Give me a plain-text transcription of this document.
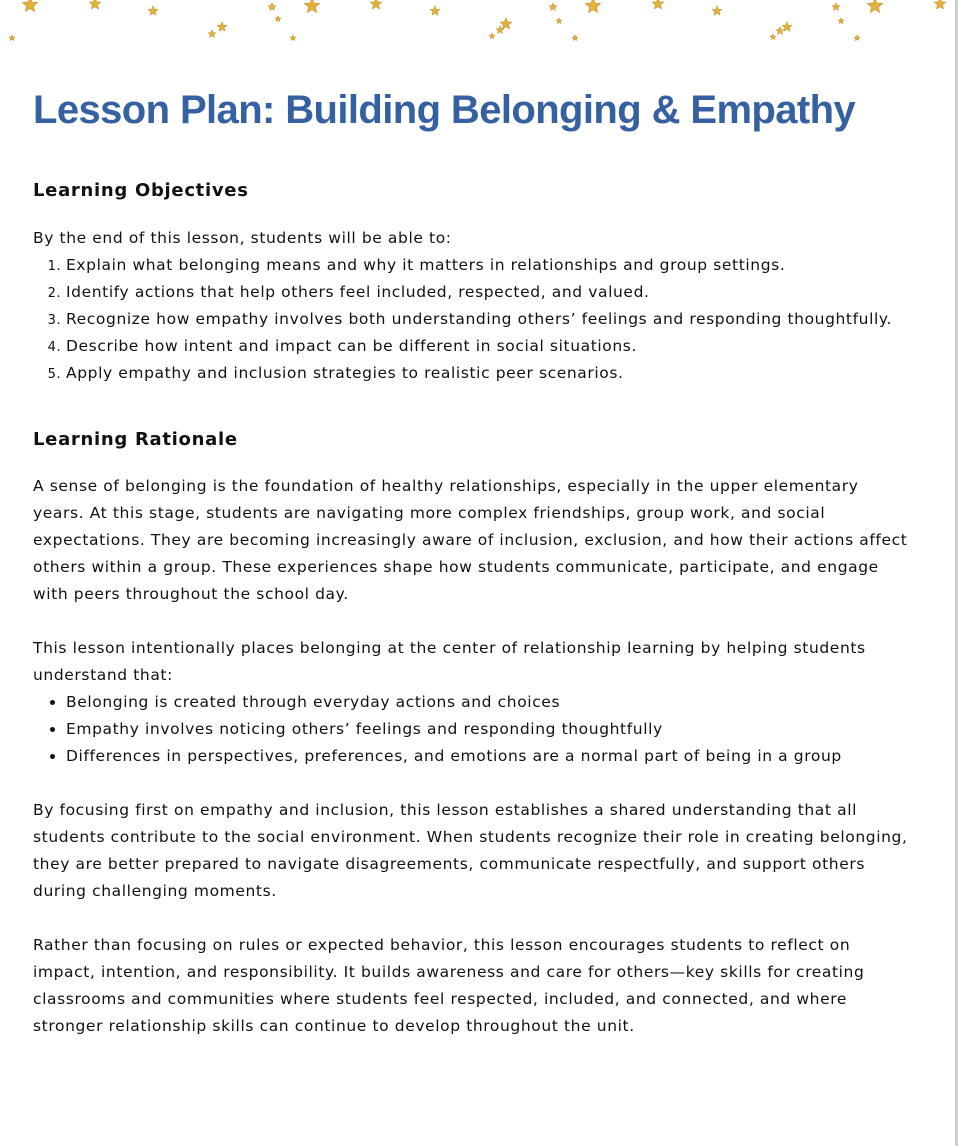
Lesson Plan: Building Belonging & Empathy
Learning Objectives

By the end of this lesson, students will be able to:

1. Explain what belonging means and why it matters in relationships and group settings.
2. Identify actions that help others feel included, respected, and valued.
3. Recognize how empathy involves both understanding others’ feelings and responding thoughtfully.
4. Describe how intent and impact can be different in social situations.
5. Apply empathy and inclusion strategies to realistic peer scenarios.
Learning Rationale

A sense of belonging is the foundation of healthy relationships, especially in the upper elementary years. At this stage, students are navigating more complex friendships, group work, and social expectations. They are becoming increasingly aware of inclusion, exclusion, and how their actions affect others within a group. These experiences shape how students communicate, participate, and engage with peers throughout the school day.

This lesson intentionally places belonging at the center of relationship learning by helping students understand that:

• Belonging is created through everyday actions and choices
• Empathy involves noticing others’ feelings and responding thoughtfully
• Differences in perspectives, preferences, and emotions are a normal part of being in a group

By focusing first on empathy and inclusion, this lesson establishes a shared understanding that all students contribute to the social environment. When students recognize their role in creating belonging, they are better prepared to navigate disagreements, communicate respectfully, and support others during challenging moments.

Rather than focusing on rules or expected behavior, this lesson encourages students to reflect on impact, intention, and responsibility. It builds awareness and care for others—key skills for creating classrooms and communities where students feel respected, included, and connected, and where stronger relationship skills can continue to develop throughout the unit.
